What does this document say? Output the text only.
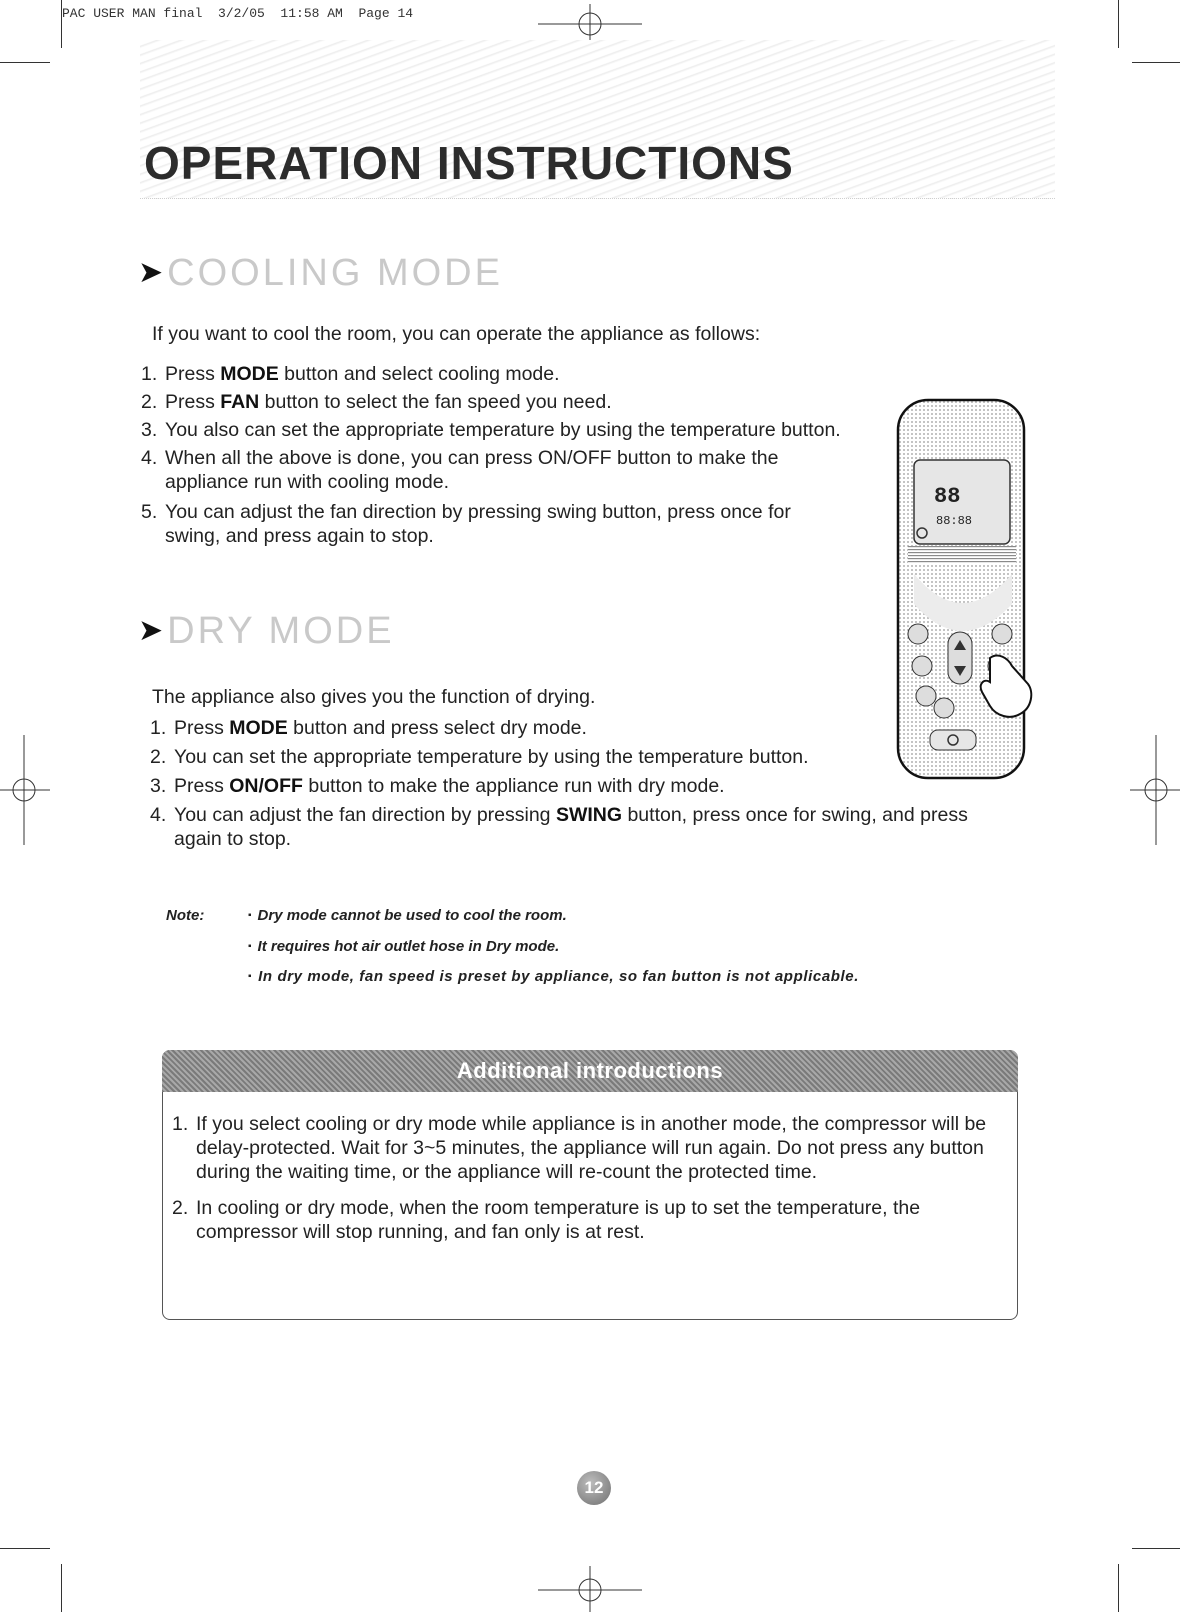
PAC USER MAN final  3/2/05  11:58 AM  Page 14
OPERATION INSTRUCTIONS
➤ COOLING MODE
If you want to cool the room, you can operate the appliance as follows:
1. Press MODE button and select cooling mode.
2. Press FAN button to select the fan speed you need.
3. You also can set the appropriate temperature by using the temperature button.
4. When all the above is done, you can press ON/OFF button to make the appliance run with cooling mode.
5. You can adjust the fan direction by pressing swing button, press once for swing, and press again to stop.
➤ DRY MODE
The appliance also gives you the function of drying.
1. Press MODE button and press select dry mode.
2. You can set the appropriate temperature by using the temperature button.
3. Press ON/OFF button to make the appliance run with dry mode.
4. You can adjust the fan direction by pressing SWING button, press once for swing, and press again to stop.
Note:	▪ Dry mode cannot be used to cool the room.
▪ It requires hot air outlet hose in Dry mode.
▪ In dry mode, fan speed is preset by appliance, so fan button is not applicable.
Additional introductions
1. If you select cooling or dry mode while appliance is in another mode, the compressor will be delay-protected. Wait for 3~5 minutes, the appliance will run again. Do not press any button during the waiting time, or the appliance will re-count the protected time.
2. In cooling or dry mode, when the room temperature is up to set the temperature, the compressor will stop running, and fan only is at rest.
88
88:88
12
